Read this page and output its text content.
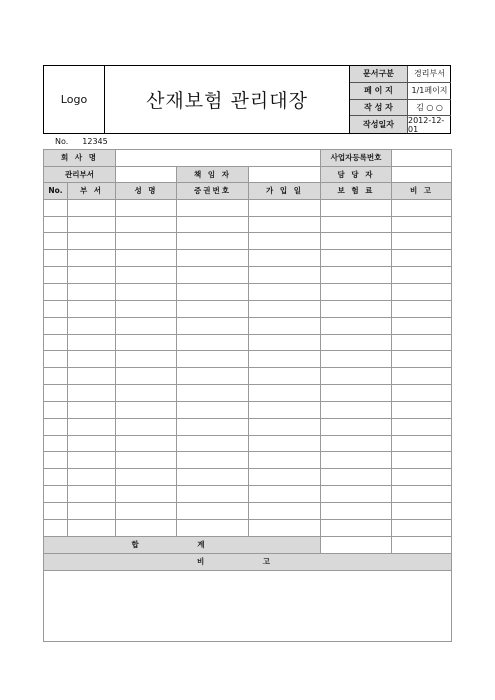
Logo	산재보험 관리대장
문서구분	경리부서
페 이 지	1/1페이지
작 성 자	김 ○ ○
작성일자	2012-12-01
No. 12345
회 사 명					사업자등록번호	
관리부서			책 임 자		담 당 자	
No.	부 서	성 명	증권번호	가 입 일	보 험 료	비 고

합 계						
비 고						
